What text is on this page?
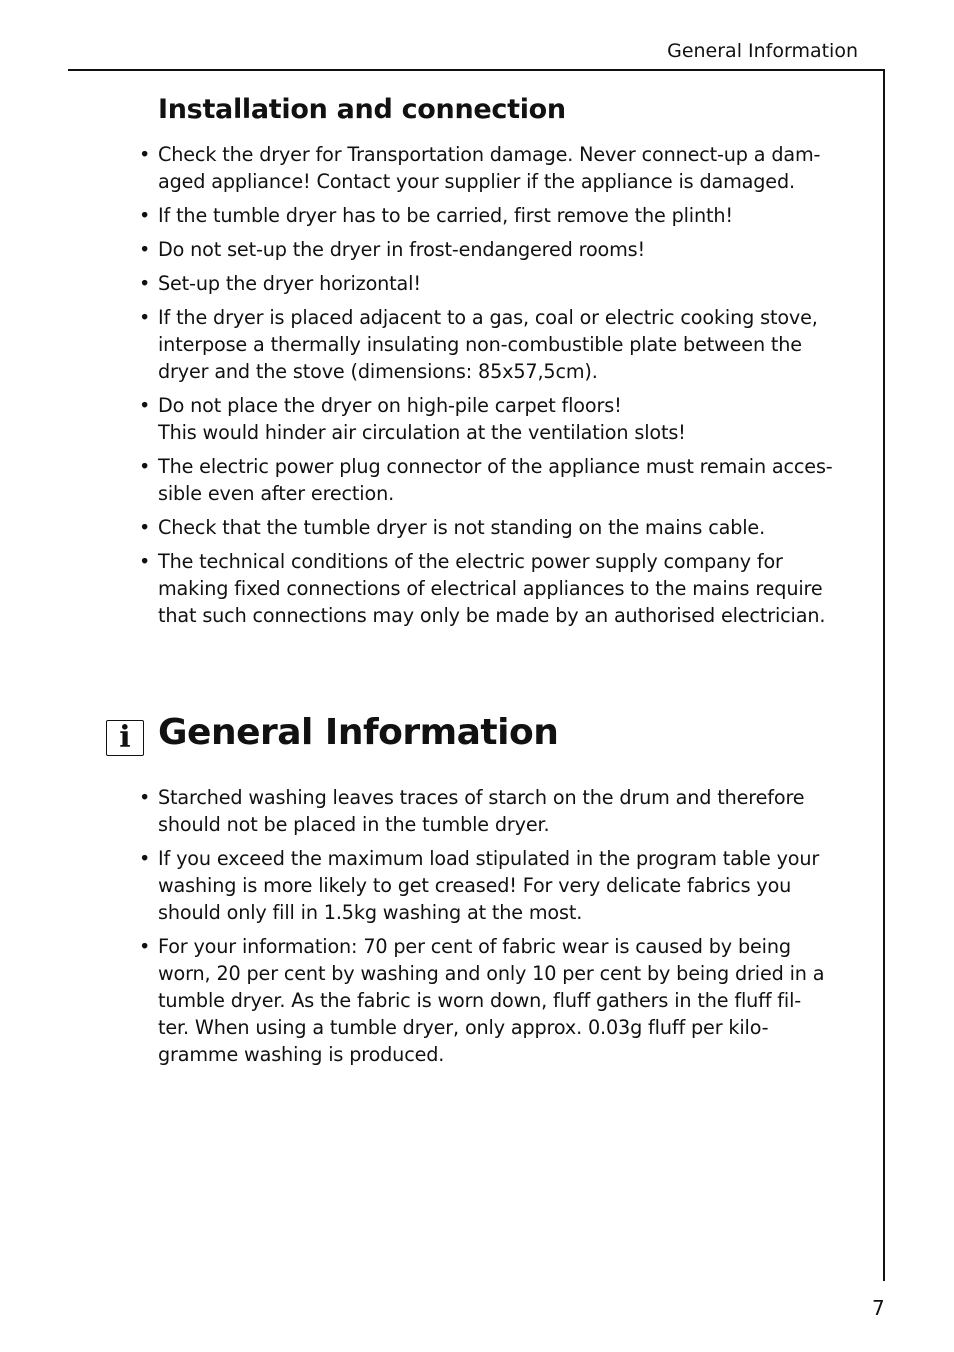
General Information
Installation and connection
• Check the dryer for Transportation damage. Never connect-up a dam-
aged appliance! Contact your supplier if the appliance is damaged.
• If the tumble dryer has to be carried, first remove the plinth!
• Do not set-up the dryer in frost-endangered rooms!
• Set-up the dryer horizontal!
• If the dryer is placed adjacent to a gas, coal or electric cooking stove,
interpose a thermally insulating non-combustible plate between the
dryer and the stove (dimensions: 85x57,5cm).
• Do not place the dryer on high-pile carpet floors!
This would hinder air circulation at the ventilation slots!
• The electric power plug connector of the appliance must remain acces-
sible even after erection.
• Check that the tumble dryer is not standing on the mains cable.
• The technical conditions of the electric power supply company for
making fixed connections of electrical appliances to the mains require
that such connections may only be made by an authorised electrician.
i General Information
• Starched washing leaves traces of starch on the drum and therefore
should not be placed in the tumble dryer.
• If you exceed the maximum load stipulated in the program table your
washing is more likely to get creased! For very delicate fabrics you
should only fill in 1.5kg washing at the most.
• For your information: 70 per cent of fabric wear is caused by being
worn, 20 per cent by washing and only 10 per cent by being dried in a
tumble dryer. As the fabric is worn down, fluff gathers in the fluff fil-
ter. When using a tumble dryer, only approx. 0.03g fluff per kilo-
gramme washing is produced.
7
